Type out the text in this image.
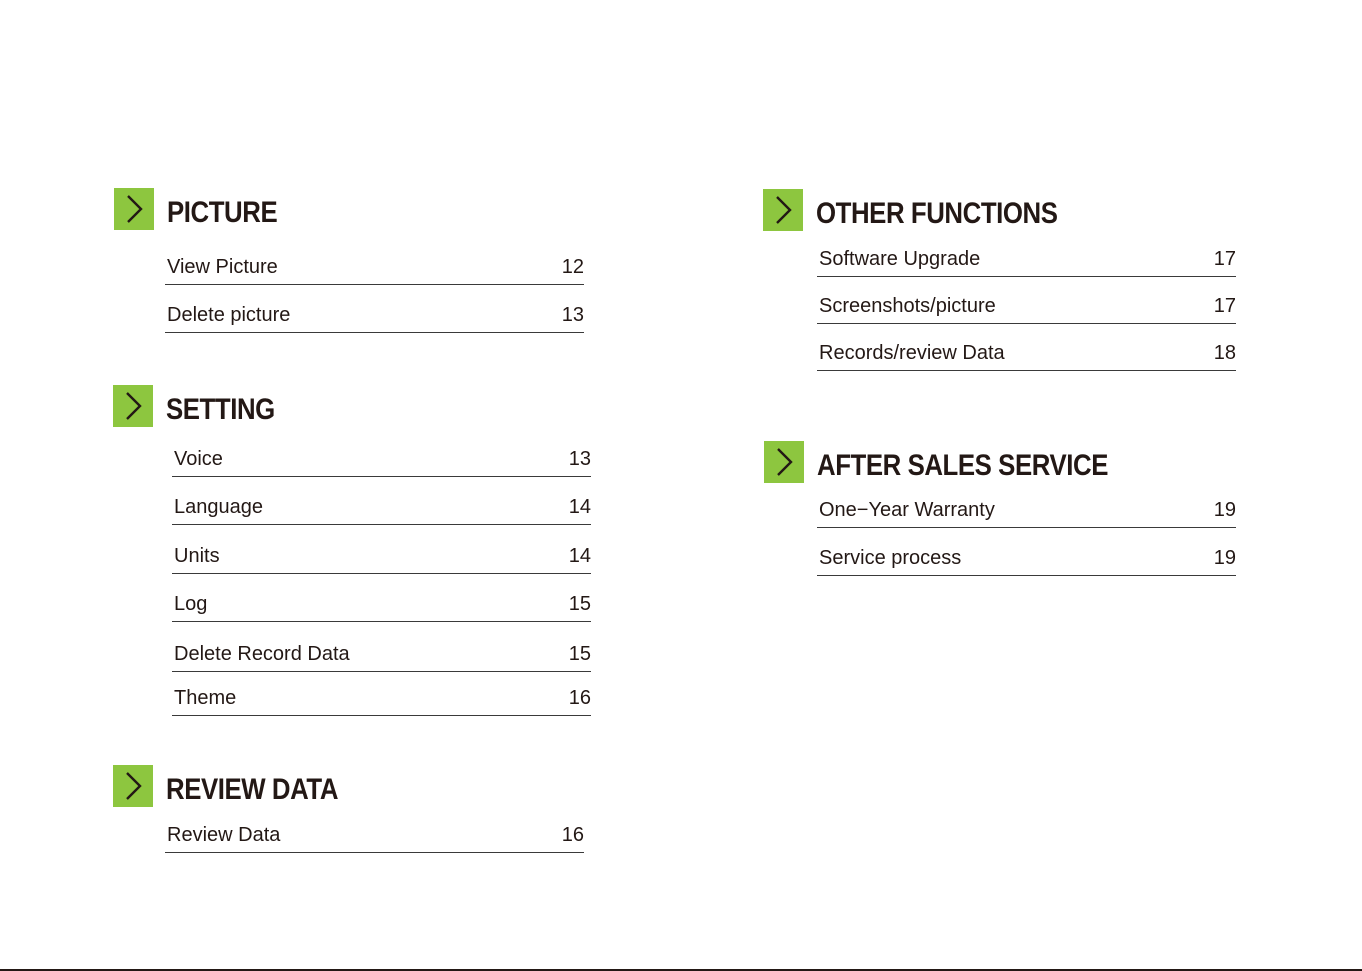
PICTURE
View Picture	12
Delete picture	13
SETTING
Voice	13
Language	14
Units	14
Log	15
Delete Record Data	15
Theme	16
REVIEW DATA
Review Data	16
OTHER FUNCTIONS
Software Upgrade	17
Screenshots/picture	17
Records/review Data	18
AFTER SALES SERVICE
One−Year Warranty	19
Service process	19
